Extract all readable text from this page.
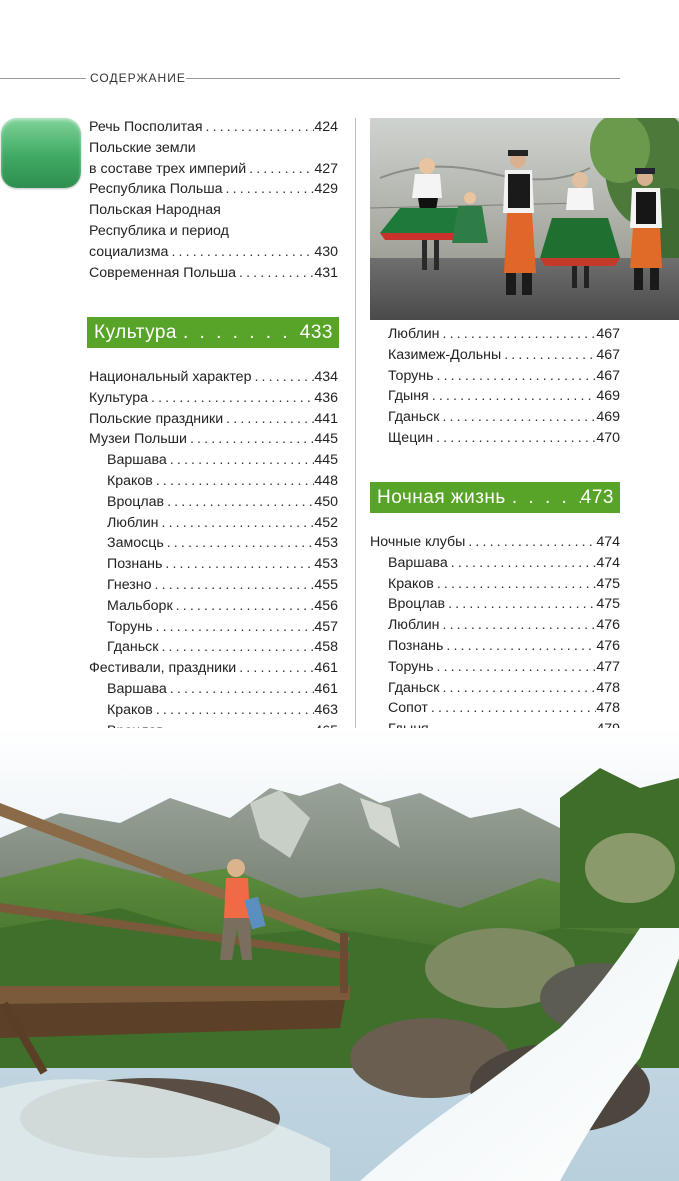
СОДЕРЖАНИЕ
Речь Посполитая . . .	424
Польские земли
в составе трех империй . . .	427
Республика Польша . . .	429
Польская Народная
Республика и период
социализма . . .	430
Современная Польша . . .	431
Культура . . .	433
Национальный характер . . .	434
Культура . . .	436
Польские праздники . . .	441
Музеи Польши . . .	445
Варшава . . .	445
Краков . . .	448
Вроцлав . . .	450
Люблин . . .	452
Замосць . . .	453
Познань . . .	453
Гнезно . . .	455
Мальборк . . .	456
Торунь . . .	457
Гданьск . . .	458
Фестивали, праздники . . .	461
Варшава . . .	461
Краков . . .	463
. . .
. . .
Люблин . . .	467
Казимеж-Дольны . . .	467
Торунь . . .	467
Гдыня . . .	469
Гданьск . . .	469
Щецин . . .	470
Ночная жизнь . . .	473
Ночные клубы . . .	474
Варшава . . .	474
Краков . . .	475
Вроцлав . . .	475
Люблин . . .	476
Познань . . .	476
Торунь . . .	477
Гданьск . . .	478
Сопот . . .	478
. . .
. . .
